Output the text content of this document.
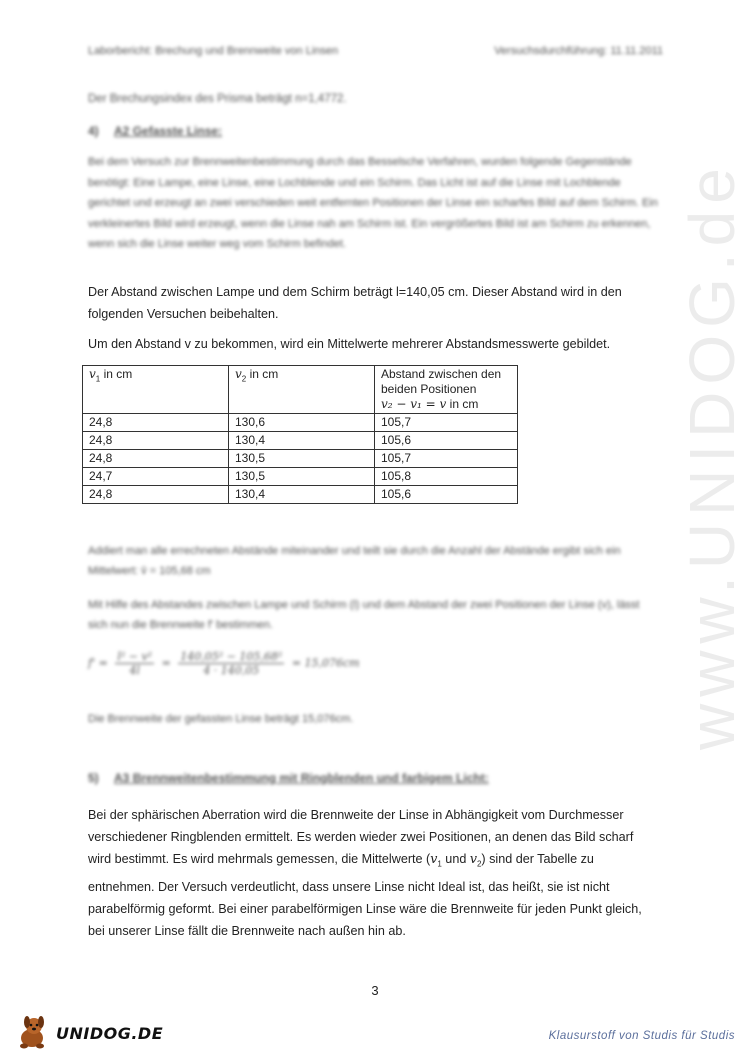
Laborbericht: Brechung und Brennweite von Linsen	Versuchsdurchführung: 11.11.2011
Der Brechungsindex des Prisma beträgt n=1,4772.
4) A2 Gefasste Linse:
Bei dem Versuch zur Brennweitenbestimmung durch das Besselsche Verfahren, wurden folgende Gegenstände benötigt: Eine Lampe, eine Linse, eine Lochblende und ein Schirm. Das Licht ist auf die Linse mit Lochblende gerichtet und erzeugt an zwei verschieden weit entfernten Positionen der Linse ein scharfes Bild auf dem Schirm. Ein verkleinertes Bild wird erzeugt, wenn die Linse nah am Schirm ist. Ein vergrößertes Bild ist am Schirm zu erkennen, wenn sich die Linse weiter weg vom Schirm befindet.
Der Abstand zwischen Lampe und dem Schirm beträgt l=140,05 cm. Dieser Abstand wird in den folgenden Versuchen beibehalten.
Um den Abstand v zu bekommen, wird ein Mittelwerte mehrerer Abstandsmesswerte gebildet.
$v_1$ in cm	$v_2$ in cm	Abstand zwischen den
beiden Positionen
v₂ − v₁ = v in cm

24,8	130,6	105,7
24,8	130,4	105,6
24,8	130,5	105,7
24,7	130,5	105,8
24,8	130,4	105,6
Addiert man alle errechneten Abstände miteinander und teilt sie durch die Anzahl der Abstände ergibt sich ein Mittelwert: v̄ = 105,68 cm
Mit Hilfe des Abstandes zwischen Lampe und Schirm (l) und dem Abstand der zwei Positionen der Linse (v), lässt sich nun die Brennweite f' bestimmen.
$f' = \frac{\text{l² − v²}}{4l} = \frac{\text{140,05² − 105,68²}}{4 \cdot 140,05} = 15,076cm$
Die Brennweite der gefassten Linse beträgt 15,076cm.
5) A3 Brennweitenbestimmung mit Ringblenden und farbigem Licht:
Bei der sphärischen Aberration wird die Brennweite der Linse in Abhängigkeit vom Durchmesser verschiedener Ringblenden ermittelt. Es werden wieder zwei Positionen, an denen das Bild scharf wird bestimmt. Es wird mehrmals gemessen, die Mittelwerte ($v_1$ und $v_2$) sind der Tabelle zu entnehmen. Der Versuch verdeutlicht, dass unsere Linse nicht Ideal ist, das heißt, sie ist nicht parabelförmig geformt. Bei einer parabelförmigen Linse wäre die Brennweite für jeden Punkt gleich, bei unserer Linse fällt die Brennweite nach außen hin ab.
3
www.UNIDOG.de
UNIDOG.DE	Klausurstoff von Studis für Studis
